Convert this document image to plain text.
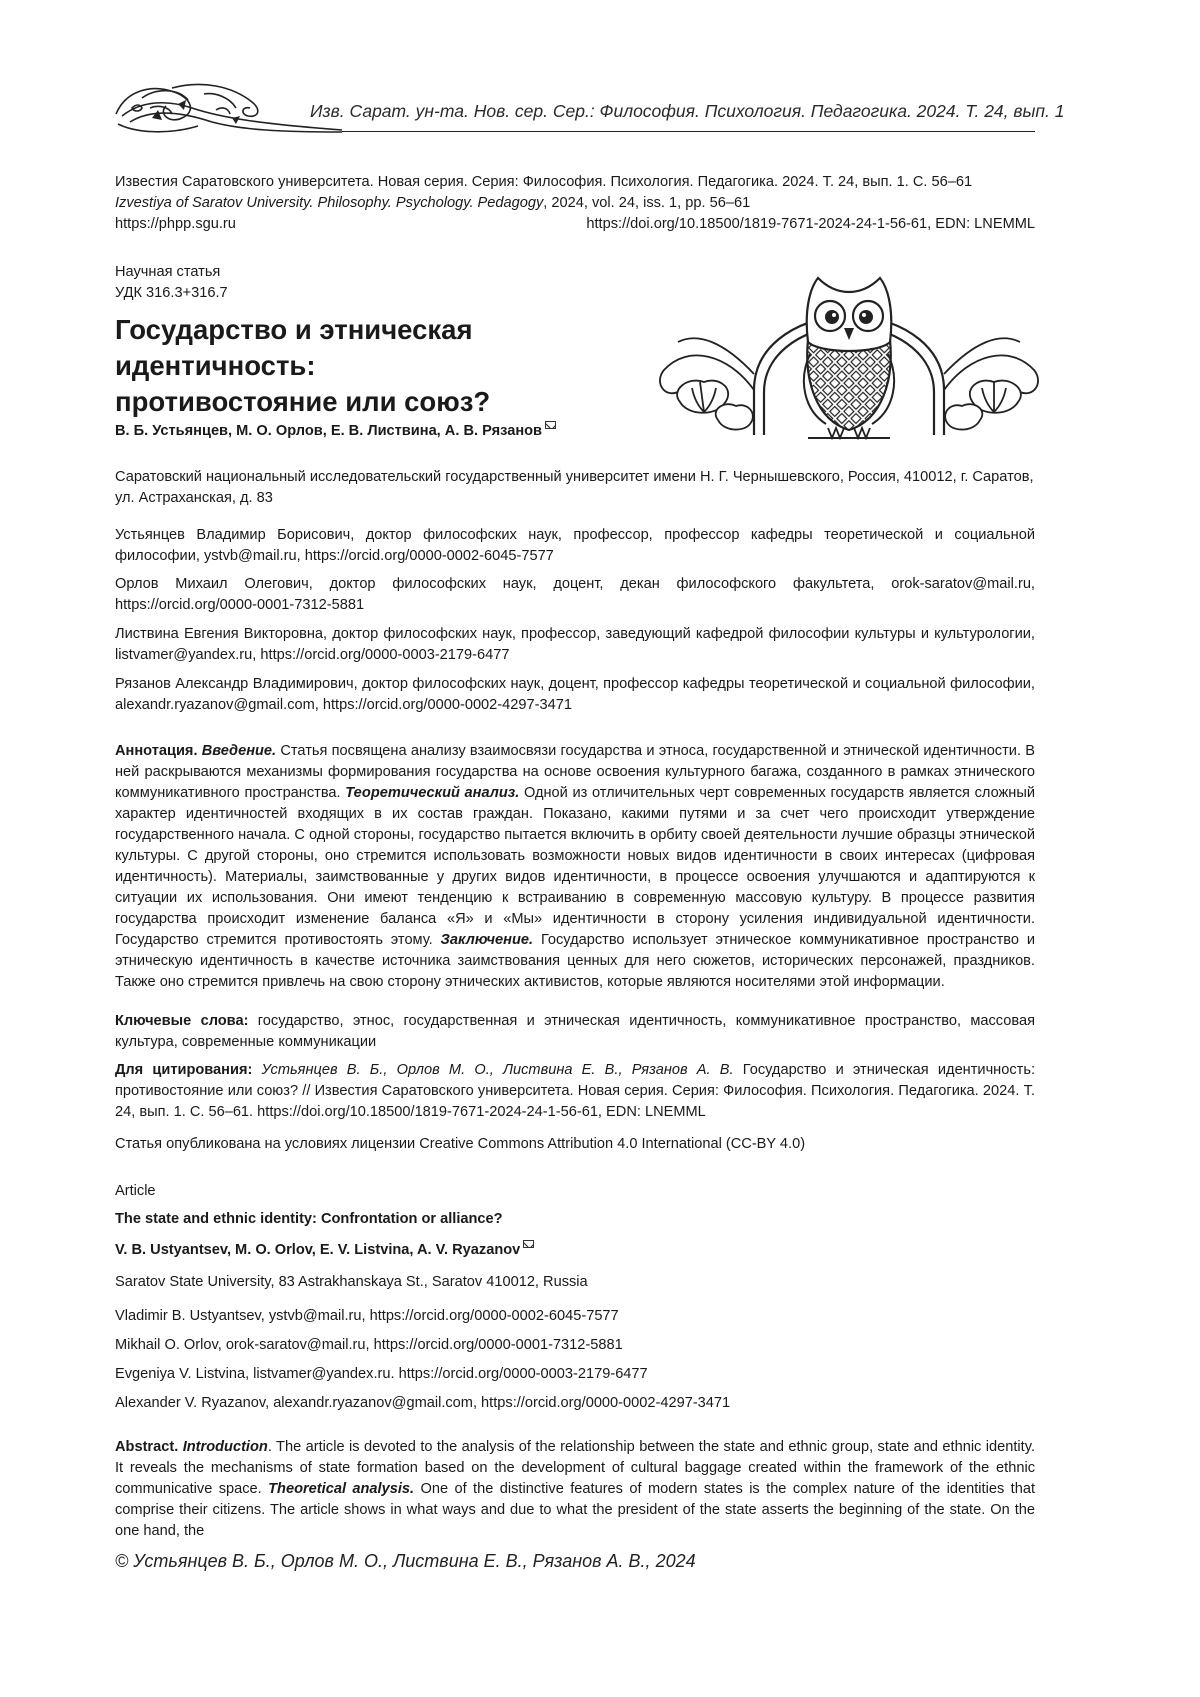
Изв. Сарат. ун-та. Нов. сер. Сер.: Философия. Психология. Педагогика. 2024. Т. 24, вып. 1
Известия Саратовского университета. Новая серия. Серия: Философия. Психология. Педагогика. 2024. Т. 24, вып. 1. С. 56–61
Izvestiya of Saratov University. Philosophy. Psychology. Pedagogy, 2024, vol. 24, iss. 1, pp. 56–61
https://phpp.sgu.ru	https://doi.org/10.18500/1819-7671-2024-24-1-56-61, EDN: LNEMML
Научная статья
УДК 316.3+316.7
Государство и этническая идентичность:
противостояние или союз?
В. Б. Устьянцев, М. О. Орлов, Е. В. Листвина, А. В. Рязанов
Саратовский национальный исследовательский государственный университет имени Н. Г. Чернышевского, Россия, 410012, г. Саратов, ул. Астраханская, д. 83
Устьянцев Владимир Борисович, доктор философских наук, профессор, профессор кафедры теоретической и социальной философии, ystvb@mail.ru, https://orcid.org/0000-0002-6045-7577
Орлов Михаил Олегович, доктор философских наук, доцент, декан философского факультета, orok-saratov@mail.ru, https://orcid.org/0000-0001-7312-5881
Листвина Евгения Викторовна, доктор философских наук, профессор, заведующий кафедрой философии культуры и культурологии, listvamer@yandex.ru, https://orcid.org/0000-0003-2179-6477
Рязанов Александр Владимирович, доктор философских наук, доцент, профессор кафедры теоретической и социальной философии, alexandr.ryazanov@gmail.com, https://orcid.org/0000-0002-4297-3471
Аннотация. Введение. Статья посвящена анализу взаимосвязи государства и этноса, государственной и этнической идентичности. В ней раскрываются механизмы формирования государства на основе освоения культурного багажа, созданного в рамках этнического коммуникативного пространства. Теоретический анализ. Одной из отличительных черт современных государств является сложный характер идентичностей входящих в их состав граждан. Показано, какими путями и за счет чего происходит утверждение государственного начала. С одной стороны, государство пытается включить в орбиту своей деятельности лучшие образцы этнической культуры. С другой стороны, оно стремится использовать возможности новых видов идентичности в своих интересах (цифровая идентичность). Материалы, заимствованные у других видов идентичности, в процессе освоения улучшаются и адаптируются к ситуации их использования. Они имеют тенденцию к встраиванию в современную массовую культуру. В процессе развития государства происходит изменение баланса «Я» и «Мы» идентичности в сторону усиления индивидуальной идентичности. Государство стремится противостоять этому. Заключение. Государство использует этническое коммуникативное пространство и этническую идентичность в качестве источника заимствования ценных для него сюжетов, исторических персонажей, праздников. Также оно стремится привлечь на свою сторону этнических активистов, которые являются носителями этой информации.
Ключевые слова: государство, этнос, государственная и этническая идентичность, коммуникативное пространство, массовая культура, современные коммуникации
Для цитирования: Устьянцев В. Б., Орлов М. О., Листвина Е. В., Рязанов А. В. Государство и этническая идентичность: противостояние или союз? // Известия Саратовского университета. Новая серия. Серия: Философия. Психология. Педагогика. 2024. Т. 24, вып. 1. С. 56–61. https://doi.org/10.18500/1819-7671-2024-24-1-56-61, EDN: LNEMML
Статья опубликована на условиях лицензии Creative Commons Attribution 4.0 International (CC-BY 4.0)
Article
The state and ethnic identity: Confrontation or alliance?
V. B. Ustyantsev, M. O. Orlov, E. V. Listvina, A. V. Ryazanov
Saratov State University, 83 Astrakhanskaya St., Saratov 410012, Russia
Vladimir B. Ustyantsev, ystvb@mail.ru, https://orcid.org/0000-0002-6045-7577
Mikhail O. Orlov, orok-saratov@mail.ru, https://orcid.org/0000-0001-7312-5881
Evgeniya V. Listvina, listvamer@yandex.ru. https://orcid.org/0000-0003-2179-6477
Alexander V. Ryazanov, alexandr.ryazanov@gmail.com, https://orcid.org/0000-0002-4297-3471
Abstract. Introduction. The article is devoted to the analysis of the relationship between the state and ethnic group, state and ethnic identity. It reveals the mechanisms of state formation based on the development of cultural baggage created within the framework of the ethnic communicative space. Theoretical analysis. One of the distinctive features of modern states is the complex nature of the identities that comprise their citizens. The article shows in what ways and due to what the president of the state asserts the beginning of the state. On the one hand, the
© Устьянцев В. Б., Орлов М. О., Листвина Е. В., Рязанов А. В., 2024
